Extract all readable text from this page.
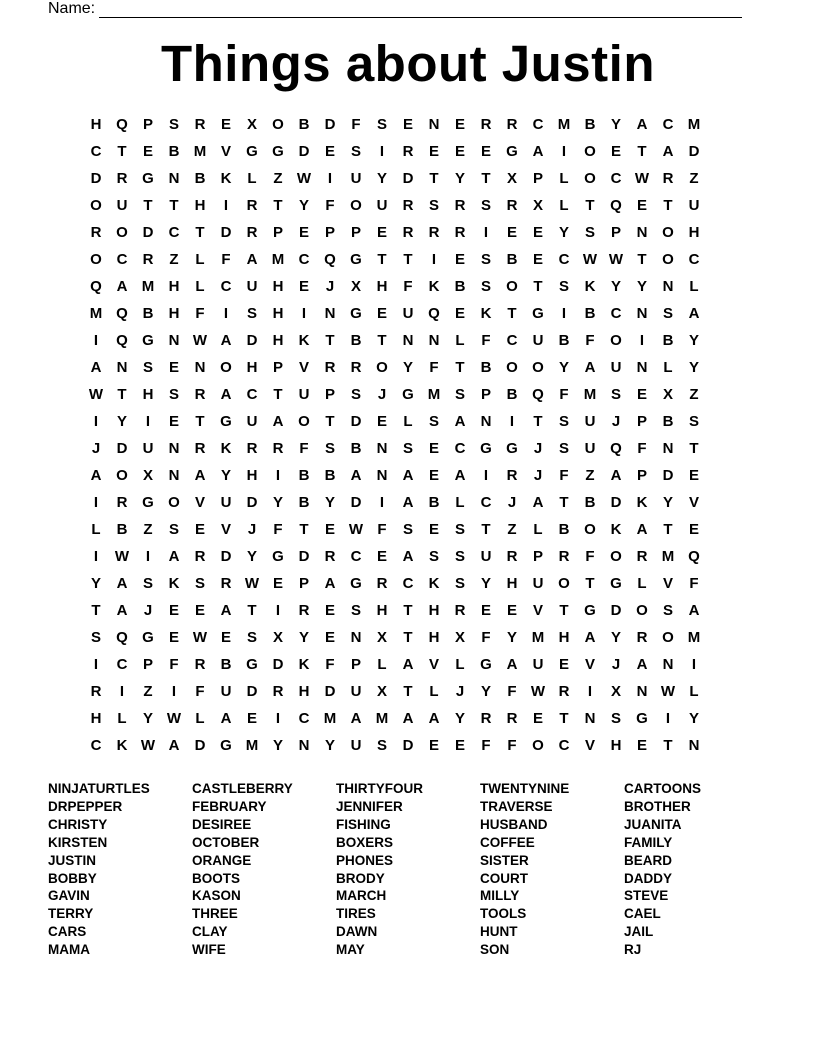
Name:
Things about Justin
H Q	P	S	R	E	X	O B	D	F	S	E	N	E	R	R	C M B	Y	A	C M
C	T	E	B M V	G G D	E	S	I	R	E	E	E	G A	I	O	E	T	A	D
D	R G N	B	K	L	Z W	I	U	Y	D	T	Y	T	X	P	L	O C W R	Z
O U	T	T	H	I	R	T	Y	F	O U	R	S	R	S	R	X	L	T	Q	E	T	U
R O D	C	T	D	R	P	E	P	P	E	R	R	R	I	E	E	Y	S	P	N O H
O C	R	Z	L	F	A M C Q G	T	T	I	E	S	B	E	C W W T	O C
Q A M H	L	C	U	H	E	J	X	H	F	K	B	S	O	T	S	K	Y	Y	N	L
M Q B	H	F	I	S	H	I	N G	E	U Q	E	K	T	G	I	B	C	N	S	A
I	Q G N W A	D	H	K	T	B	T	N	N	L	F	C	U	B	F	O	I	B	Y
A	N	S	E	N O H	P	V	R	R O	Y	F	T	B O O	Y	A	U	N	L	Y
W T	H	S	R	A	C	T	U	P	S	J	G M S	P	B Q	F	M S	E	X	Z
I	Y	I	E	T	G U	A O	T	D	E	L	S	A	N	I	T	S	U	J	P	B	S
J	D	U	N	R	K	R	R	F	S	B	N	S	E	C G G	J	S	U Q	F	N	T
A O	X	N	A	Y	H	I	B	B	A	N	A	E	A	I	R	J	F	Z	A	P	D	E
I	R G O	V	U	D	Y	B	Y	D	I	A	B	L	C	J	A	T	B	D	K	Y	V
L	B	Z	S	E	V	J	F	T	E W F	S	E	S	T	Z	L	B O K	A	T	E
I	W	I	A	R	D	Y	G D	R	C	E	A	S	S	U	R	P	R	F	O R M Q
Y	A	S	K	S	R W E	P	A G R	C	K	S	Y	H	U O	T	G	L	V	F
T	A	J	E	E	A	T	I	R	E	S	H	T	H	R	E	E	V	T	G D O	S	A
S	Q G	E W E	S	X	Y	E	N	X	T	H	X	F	Y M H	A	Y	R O M
I	C	P	F	R	B G D	K	F	P	L	A	V	L	G A	U	E	V	J	A	N	I
R	I	Z	I	F	U	D	R	H	D	U	X	T	L	J	Y	F W R	I	X	N W L
H	L	Y W L	A	E	I	C M A M A	A	Y	R	R	E	T	N	S	G	I	Y
C	K W A	D G M Y	N	Y	U	S	D	E	E	F	F	O C	V	H	E	T	N
NINJATURTLES
DRPEPPER
CHRISTY
KIRSTEN
JUSTIN
BOBBY
GAVIN
TERRY
CARS
MAMA
CASTLEBERRY
FEBRUARY
DESIREE
OCTOBER
ORANGE
BOOTS
KASON
THREE
CLAY
WIFE
THIRTYFOUR
JENNIFER
FISHING
BOXERS
PHONES
BRODY
MARCH
TIRES
DAWN
MAY
TWENTYNINE
TRAVERSE
HUSBAND
COFFEE
SISTER
COURT
MILLY
TOOLS
HUNT
SON
CARTOONS
BROTHER
JUANITA
FAMILY
BEARD
DADDY
STEVE
CAEL
JAIL
RJ
